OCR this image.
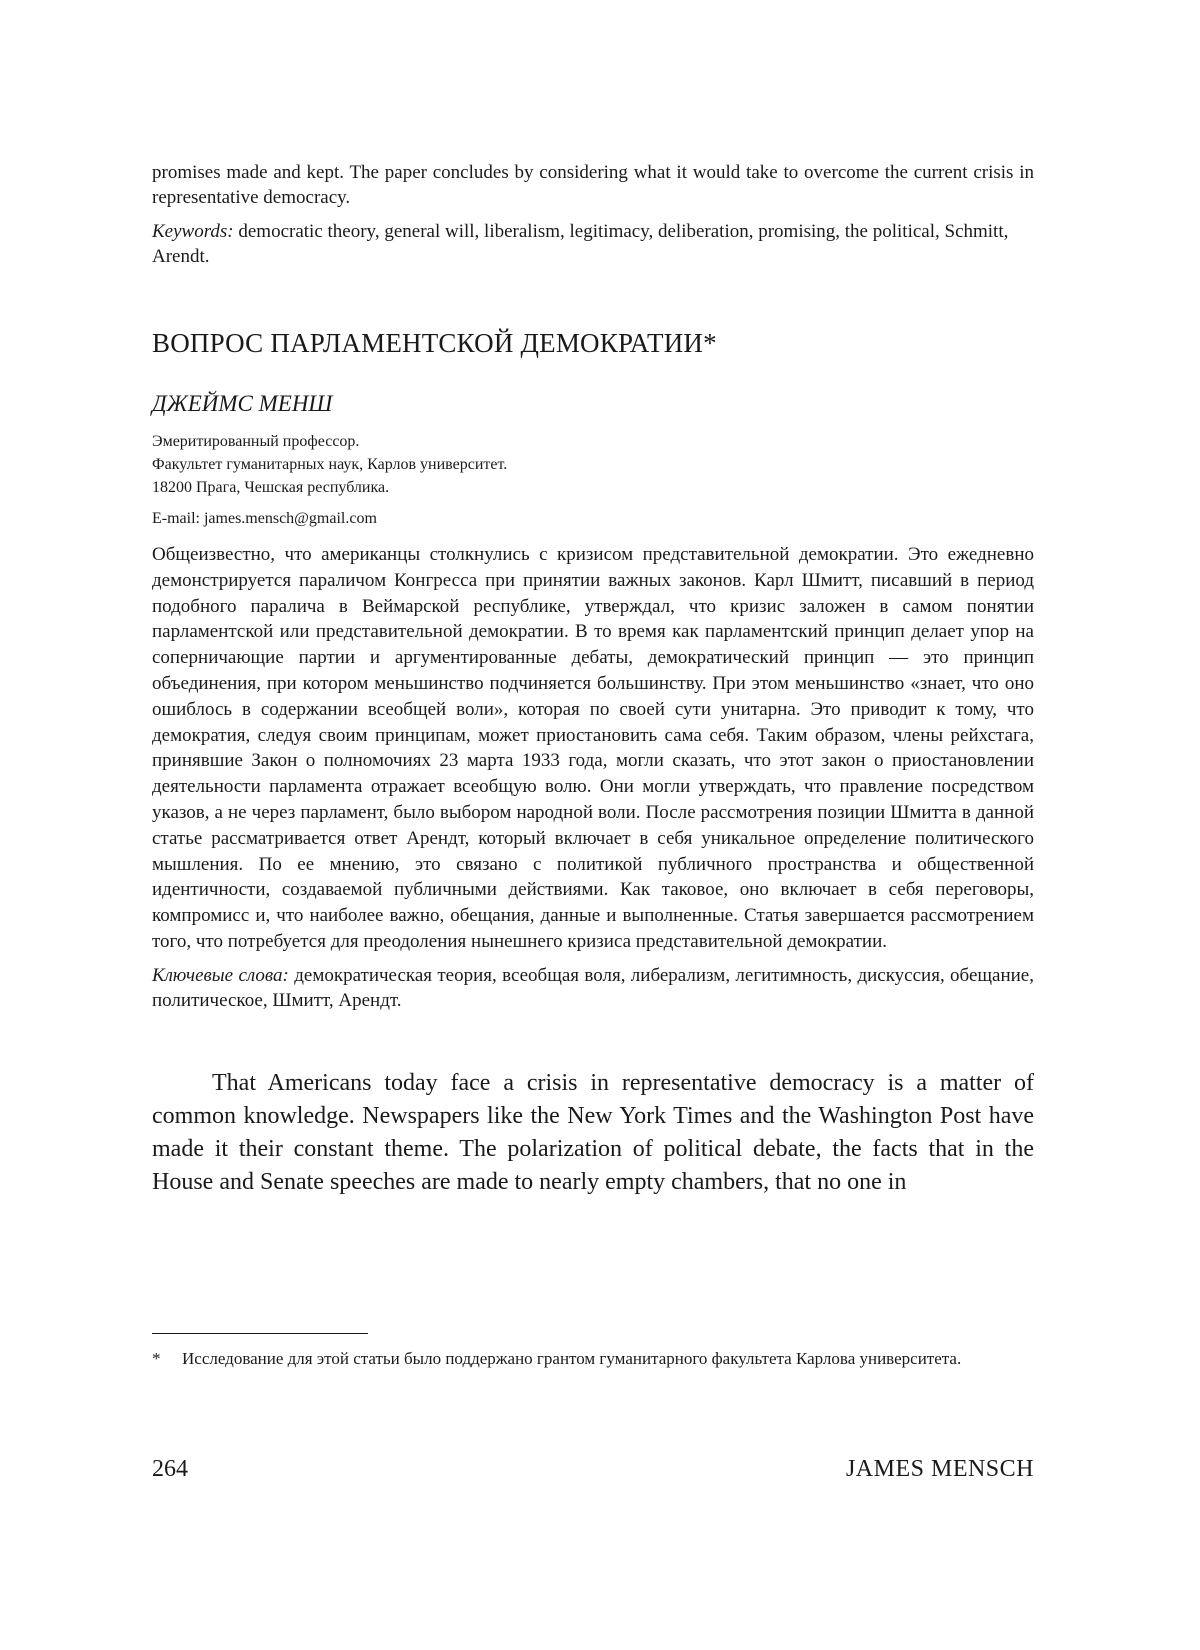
promises made and kept. The paper concludes by considering what it would take to overcome the current crisis in representative democracy.

Keywords: democratic theory, general will, liberalism, legitimacy, deliberation, promising, the political, Schmitt, Arendt.

ВОПРОС ПАРЛАМЕНТСКОЙ ДЕМОКРАТИИ*

ДЖЕЙМС МЕНШ

Эмеритированный профессор.
Факультет гуманитарных наук, Карлов университет.
18200 Прага, Чешская республика.

E-mail: james.mensch@gmail.com

Общеизвестно, что американцы столкнулись с кризисом представительной демократии. Это ежедневно демонстрируется параличом Конгресса при принятии важных законов. Карл Шмитт, писавший в период подобного паралича в Веймарской республике, утверждал, что кризис заложен в самом понятии парламентской или представительной демократии. В то время как парламентский принцип делает упор на соперничающие партии и аргументированные дебаты, демократический принцип — это принцип объединения, при котором меньшинство подчиняется большинству. При этом меньшинство «знает, что оно ошиблось в содержании всеобщей воли», которая по своей сути унитарна. Это приводит к тому, что демократия, следуя своим принципам, может приостановить сама себя. Таким образом, члены рейхстага, принявшие Закон о полномочиях 23 марта 1933 года, могли сказать, что этот закон о приостановлении деятельности парламента отражает всеобщую волю. Они могли утверждать, что правление посредством указов, а не через парламент, было выбором народной воли. После рассмотрения позиции Шмитта в данной статье рассматривается ответ Арендт, который включает в себя уникальное определение политического мышления. По ее мнению, это связано с политикой публичного пространства и общественной идентичности, создаваемой публичными действиями. Как таковое, оно включает в себя переговоры, компромисс и, что наиболее важно, обещания, данные и выполненные. Статья завершается рассмотрением того, что потребуется для преодоления нынешнего кризиса представительной демократии.

Ключевые слова: демократическая теория, всеобщая воля, либерализм, легитимность, дискуссия, обещание, политическое, Шмитт, Арендт.

That Americans today face a crisis in representative democracy is a matter of common knowledge. Newspapers like the New York Times and the Washington Post have made it their constant theme. The polarization of political debate, the facts that in the House and Senate speeches are made to nearly empty chambers, that no one in

*	Исследование для этой статьи было поддержано грантом гуманитарного факультета Карлова университета.
264	JAMES MENSCH
